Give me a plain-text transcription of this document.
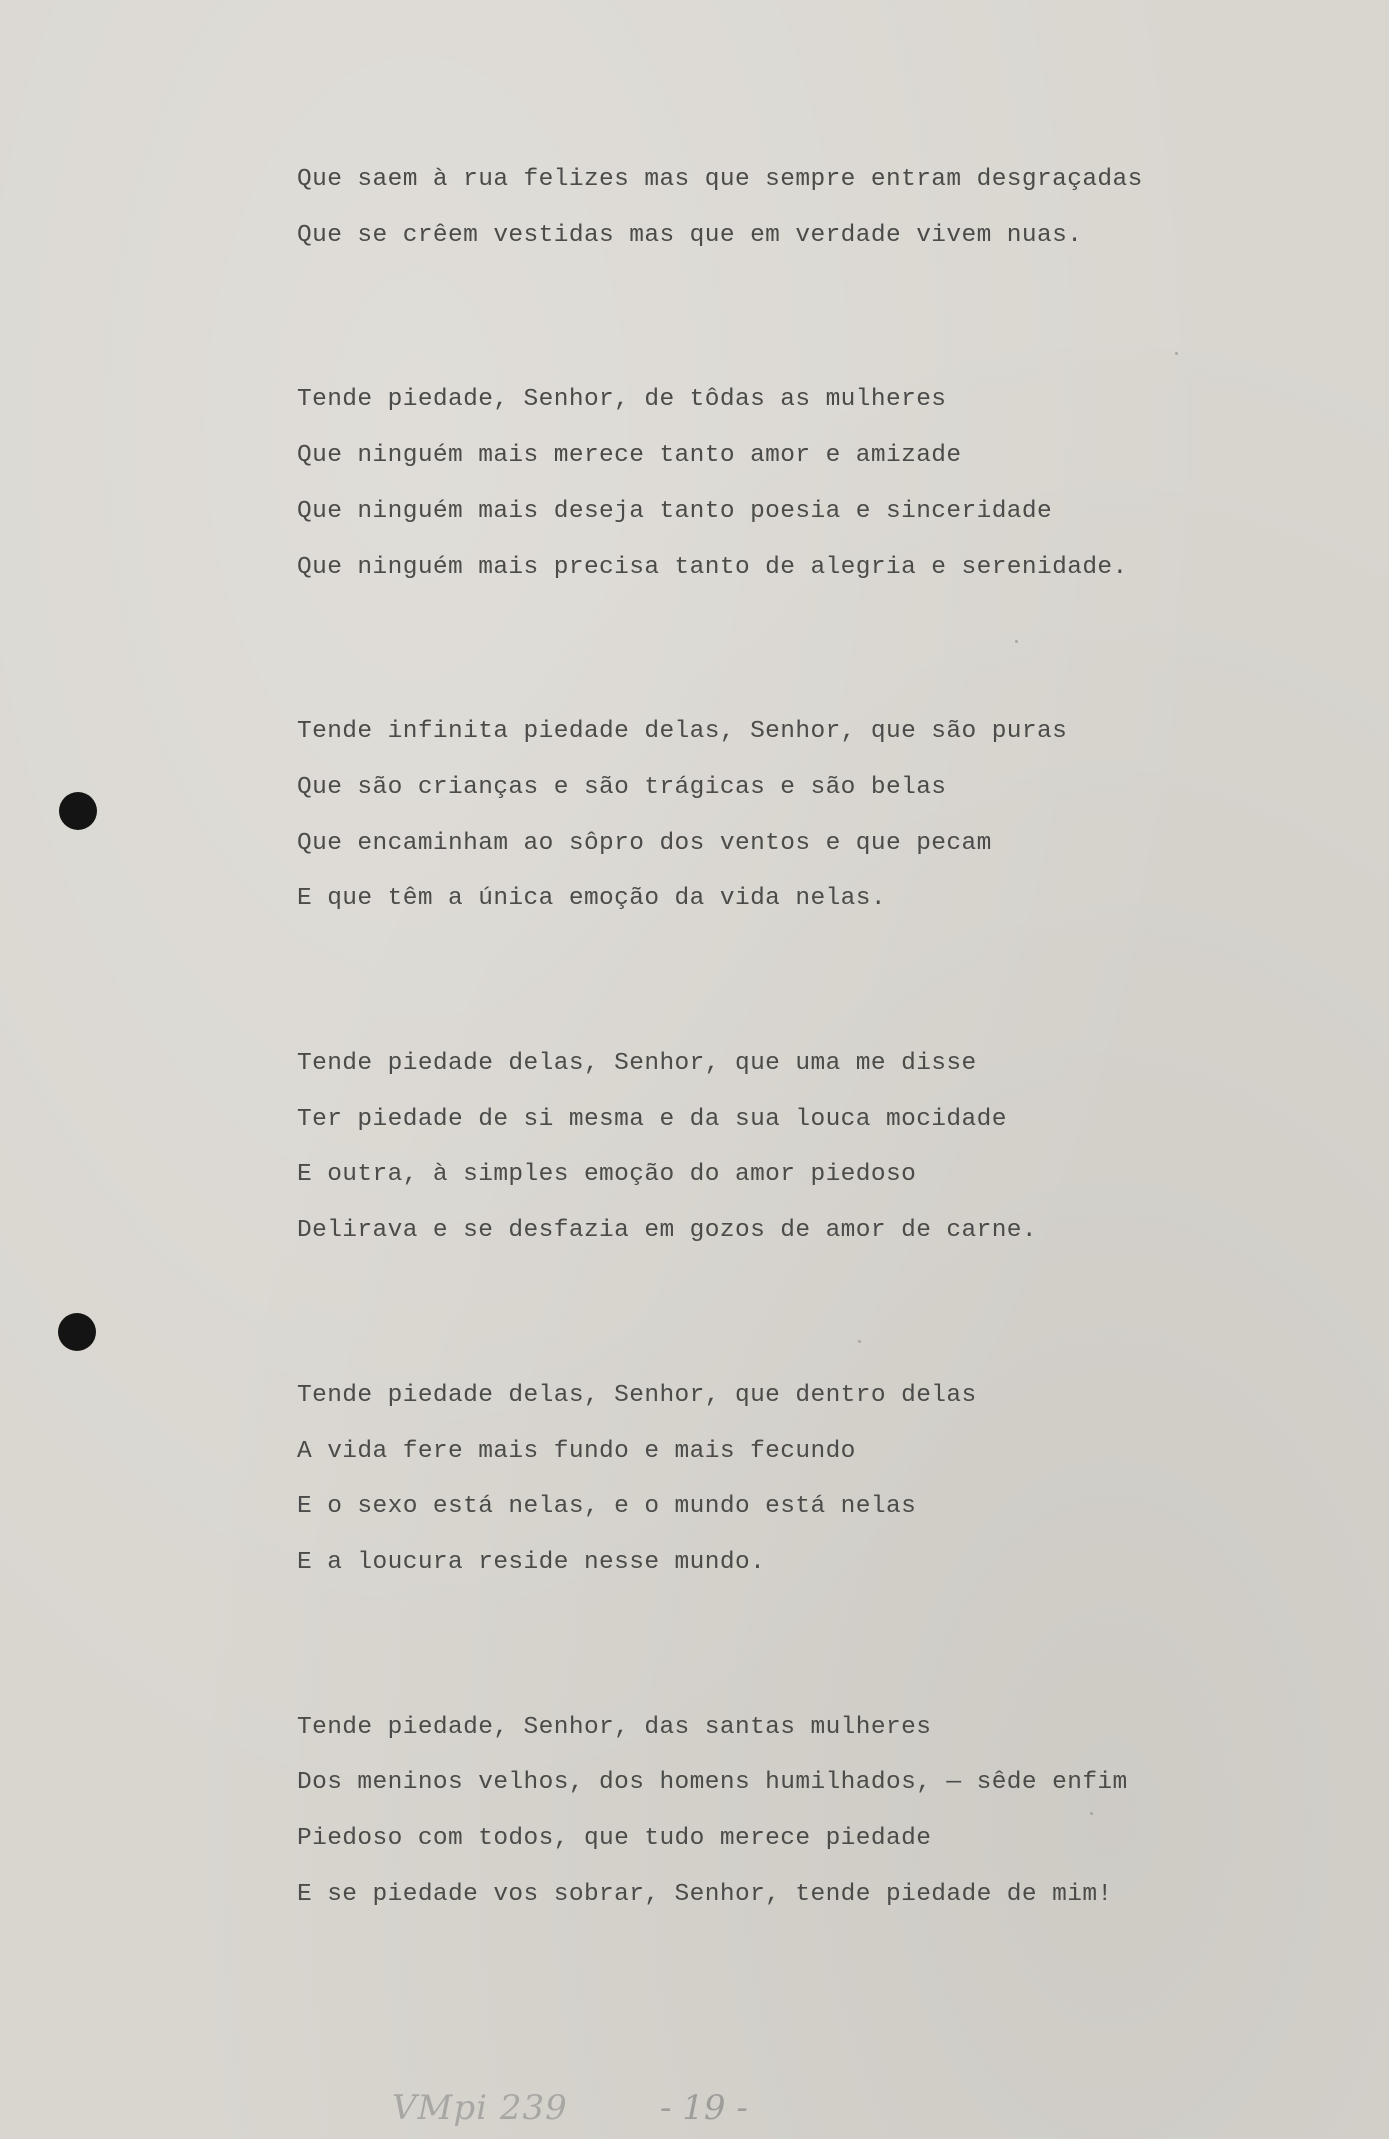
Que saem à rua felizes mas que sempre entram desgraçadas
Que se crêem vestidas mas que em verdade vivem nuas.
Tende piedade, Senhor, de tôdas as mulheres
Que ninguém mais merece tanto amor e amizade
Que ninguém mais deseja tanto poesia e sinceridade
Que ninguém mais precisa tanto de alegria e serenidade.
Tende infinita piedade delas, Senhor, que são puras
Que são crianças e são trágicas e são belas
Que encaminham ao sôpro dos ventos e que pecam
E que têm a única emoção da vida nelas.
Tende piedade delas, Senhor, que uma me disse
Ter piedade de si mesma e da sua louca mocidade
E outra, à simples emoção do amor piedoso
Delirava e se desfazia em gozos de amor de carne.
Tende piedade delas, Senhor, que dentro delas
A vida fere mais fundo e mais fecundo
E o sexo está nelas, e o mundo está nelas
E a loucura reside nesse mundo.
Tende piedade, Senhor, das santas mulheres
Dos meninos velhos, dos homens humilhados, — sêde enfim
Piedoso com todos, que tudo merece piedade
E se piedade vos sobrar, Senhor, tende piedade de mim!
VMpi 239	- 19 -
